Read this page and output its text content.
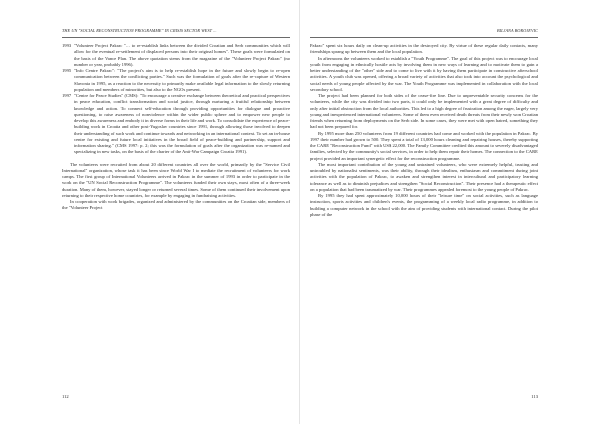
THE UN "SOCIAL RECONSTRUCTION PROGRAMME" IN CRISIS SECTOR WEST ...

1993 "Volunteer Project Pakrac "… to re-establish links between the divided Croatian and Serb communities which will allow for the eventual re-settlement of displaced persons into their original homes". These goals were formulated on the basis of the Vance Plan. The above quotation stems from the magazine of the "Volunteer Project Pakrac" (no number or year, probably 1996).

1995 "Info Centre Pakrac": "The project's aim is to help re-establish hope in the future and slowly begin to re-open communication between the conflicting parties." Such was the formulation of goals after the re-capture of Western Slavonia in 1995, as a reaction to the necessity to primarily make available legal information to the slowly returning population and members of minorities, but also to the NGOs present.

1997 "Centre for Peace Studies" (CMS): "To encourage a creative exchange between theoretical and practical perspectives in peace education, conflict transformation and social justice, through nurturing a fruitful relationship between knowledge and action. To connect self-education through providing opportunities for dialogue and proactive questioning, to raise awareness of nonviolence within the wider public sphere and to empower new people to develop this awareness and embody it in diverse forms in their life and work. To consolidate the experience of peace-building work in Croatia and other post-Yugoslav countries since 1991, through allowing those involved to deepen their understanding of such work and continue towards and networking in an international context. To set an in-house centre for existing and future local initiatives in the broad field of peace-building and partnership, support and information sharing." (CMS 1997: p. 2; this was the formulation of goals after the organization was re-named and specializing in new tasks, on the basis of the charter of the Anti-War Campaign Croatia 1991).

The volunteers were recruited from about 20 different countries all over the world, primarily by the "Service Civil International" organization, whose task it has been since World War I to mediate the recruitment of volunteers for work camps. The first group of International Volunteers arrived in Pakrac in the summer of 1993 in order to participate in the work on the "UN Social Reconstruction Programme". The volunteers funded their own stays, most often of a three-week duration. Many of them, however, stayed longer or returned several times. Some of them continued their involvement upon returning to their respective home countries, for example by engaging in fundraising activities.

In cooperation with work brigades, organized and administered by the communities on the Croatian side, members of the "Volunteer Project

112
BILJANA BOROJEVIC

Pakrac" spent six hours daily on clean-up activities in the destroyed city. By virtue of these regular daily contacts, many friendships sprang up between them and the local population.

In afternoons the volunteers worked to establish a "Youth Programme". The goal of this project was to encourage local youth from engaging in ethnically hostile acts by involving them in new ways of learning and to motivate them to gain a better understanding of the "other" side and to come to live with it by having them participate in constructive afterschool activities. A youth club was opened, offering a broad variety of activities that also took into account the psychological and social needs of young people affected by the war. The Youth Programme was implemented in collaboration with the local secondary school.

The project had been planned for both sides of the cease-fire line. Due to unpreventable security concerns for the volunteers, while the city was divided into two parts, it could only be implemented with a great degree of difficulty and only after initial obstruction from the local authorities. This led to a high degree of frustration among the eager, largely very young and inexperienced international volunteers. Some of them even received death threats from their newly won Croatian friends when returning from deployments on the Serb side. In some cases, they were met with open hatred, something they had not been prepared for.

By 1995 more than 250 volunteers from 19 different countries had come and worked with the population in Pakrac. By 1997 their number had grown to 500. They spent a total of 13,000 hours cleaning and repairing houses, thereby supporting the CARE "Reconstruction Fund" with US$ 22,000. The Family Committee credited this amount to severely disadvantaged families, selected by the community's social services, in order to help them repair their homes. The connection to the CARE project provided an important synergetic effect for the reconstruction programme.

The most important contribution of the young and untrained volunteers, who were extremely helpful, trusting and untroubled by nationalist sentiments, was their ability, through their idealism, enthusiasm and commitment during joint activities with the population of Pakrac, to awaken and strengthen interest in intercultural and participatory learning tolerance as well as to diminish prejudices and strengthen "Social Reconstruction". Their presence had a therapeutic effect on a population that had been traumatized by war. Their programmes appealed foremost to the young people of Pakrac.

By 1995 they had spent approximately 10,000 hours of their "leisure time" on social activities, such as language instruction, sports activities and children's events, the programming of a weekly local radio programme, in addition to building a computer network in the school with the aim of providing students with international contact. During the pilot phase of the

113
